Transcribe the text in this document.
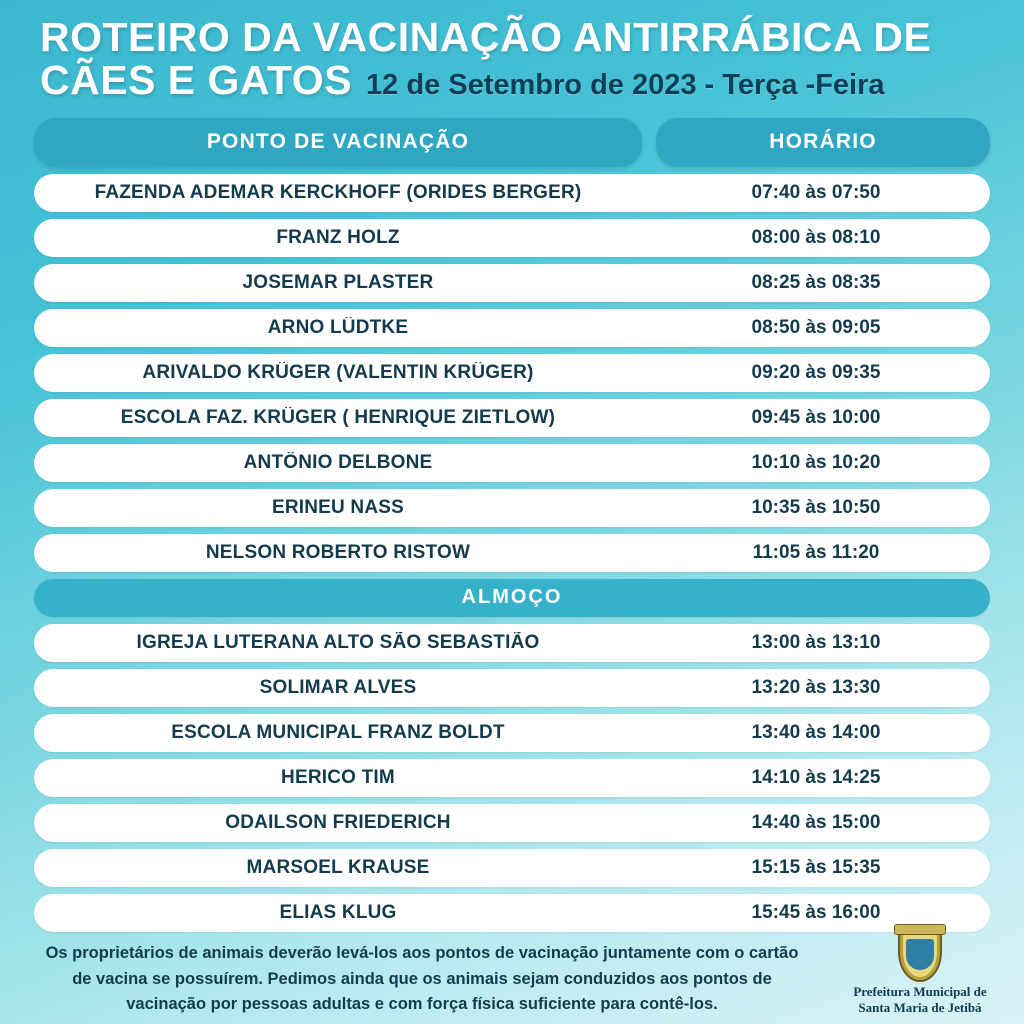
ROTEIRO DA VACINAÇÃO ANTIRRÁBICA DE
CÃES E GATOS 12 de Setembro de 2023 - Terça -Feira
PONTO DE VACINAÇÃO	HORÁRIO
FAZENDA ADEMAR KERCKHOFF (ORIDES BERGER)	07:40 às 07:50
FRANZ HOLZ	08:00 às 08:10
JOSEMAR PLASTER	08:25 às 08:35
ARNO LÜDTKE	08:50 às 09:05
ARIVALDO KRÜGER (VALENTIN KRÜGER)	09:20 às 09:35
ESCOLA FAZ. KRÜGER ( HENRIQUE ZIETLOW)	09:45 às 10:00
ANTÔNIO DELBONE	10:10 às 10:20
ERINEU NASS	10:35 às 10:50
NELSON ROBERTO RISTOW	11:05 às 11:20
ALMOÇO
IGREJA LUTERANA ALTO SÃO SEBASTIÃO	13:00 às 13:10
SOLIMAR ALVES	13:20 às 13:30
ESCOLA MUNICIPAL FRANZ BOLDT	13:40 às 14:00
HERICO TIM	14:10 às 14:25
ODAILSON FRIEDERICH	14:40 às 15:00
MARSOEL KRAUSE	15:15 às 15:35
ELIAS KLUG	15:45 às 16:00
Os proprietários de animais deverão levá-los aos pontos de vacinação juntamente com o cartão
de vacina se possuírem. Pedimos ainda que os animais sejam conduzidos aos pontos de
vacinação por pessoas adultas e com força física suficiente para contê-los.
Prefeitura Municipal de
Santa Maria de Jetibá
